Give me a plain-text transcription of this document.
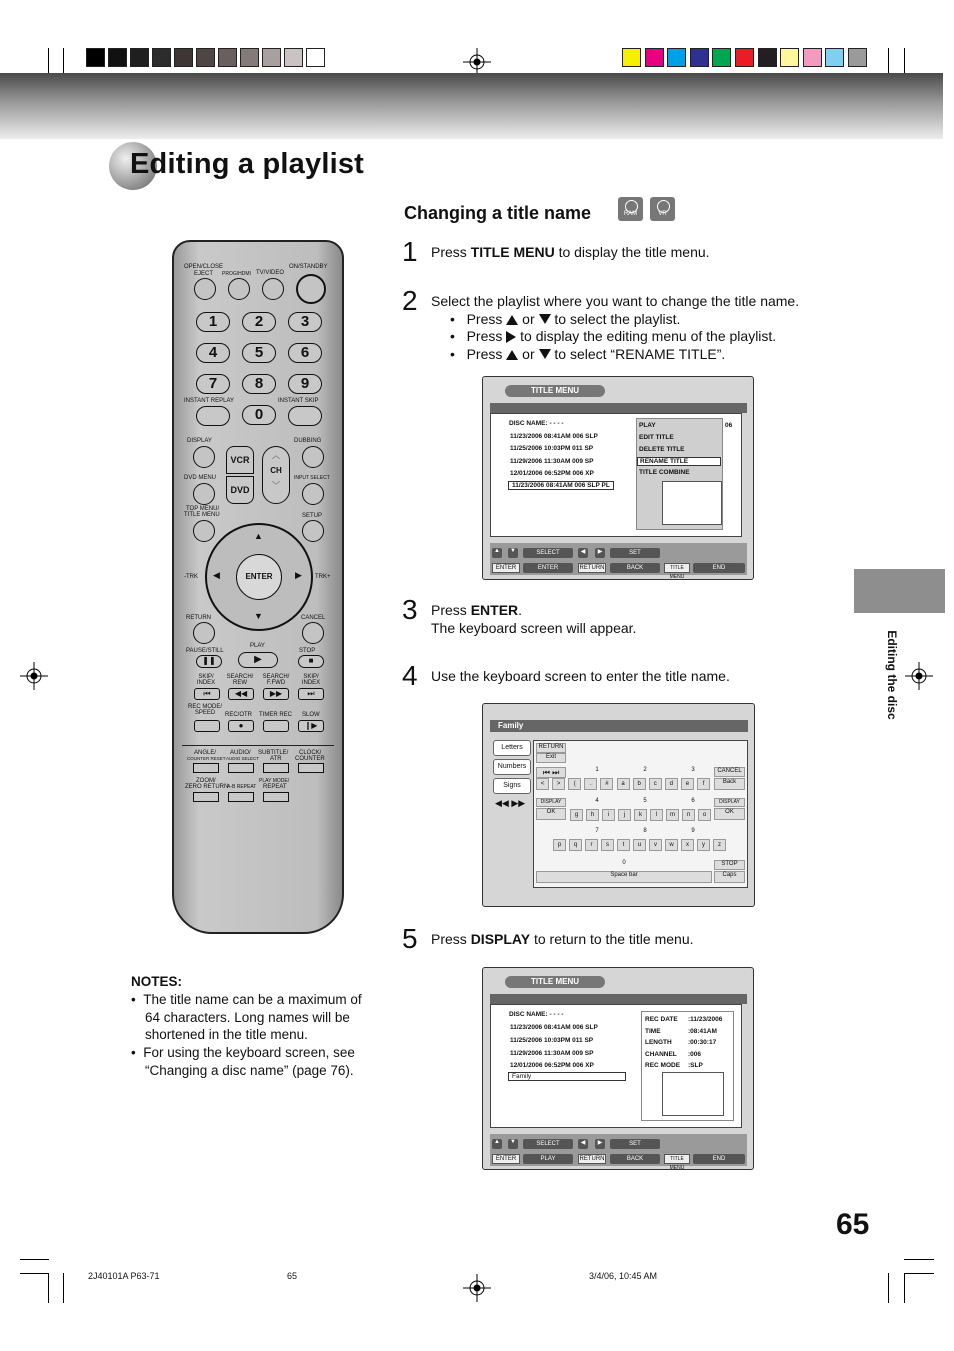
Editing a playlist
Changing a title name	RAM	VR
1 Press TITLE MENU to display the title menu.
2 Select the playlist where you want to change the title name.
•   Press  or  to select the playlist.
•   Press  to display the editing menu of the playlist.
•   Press  or  to select “RENAME TITLE”.
TITLE MENU
DISC NAME: - - - -
11/23/2006 08:41AM 006 SLP
11/25/2006 10:03PM 011 SP
11/29/2006 11:30AM 009 SP
12/01/2006 06:52PM 006 XP
11/23/2006 08:41AM 006 SLP PL
PLAY
EDIT TITLE
DELETE TITLE
RENAME TITLE
TITLE COMBINE
06
▲	▼	SELECT	◀	▶	SET
ENTER	ENTER	RETURN	BACK	TITLE MENU
END
3 Press ENTER.
The keyboard screen will appear.
4 Use the keyboard screen to enter the title name.
Family
Letters
Numbers
Signs
◀◀ ▶▶
RETURN
Exit
⏮ ⏭	CANCEL
Back
1	2	3
<	>	(	.	#	a	b	c	d	e	f
4	5	6
g	h	i	j	k	l	m	n	o
7	8	9
p	q	r	s	t	u	v	w	x	y	z
DISPLAY
OK
DISPLAY
OK
0
Space bar
STOP
Caps
5 Press DISPLAY to return to the title menu.
TITLE MENU
DISC NAME: - - - -
11/23/2006 08:41AM 006 SLP
11/25/2006 10:03PM 011 SP
11/29/2006 11:30AM 009 SP
12/01/2006 06:52PM 006 XP
Family
REC DATE :11/23/2006
TIME	:08:41AM
LENGTH	:00:30:17
CHANNEL :006
REC MODE :SLP
▲	▼	SELECT	◀	▶	SET
ENTER	PLAY	RETURN	BACK	TITLE MENU
END
OPEN/CLOSE
EJECT PROG/HDMI TV/VIDEO
ON/STANDBY
1	2	3
4	5	6
7	8	9
0
INSTANT REPLAY	INSTANT SKIP
DISPLAY	DUBBING
VCR
DVD
︿
CH
﹀
DVD MENU	INPUT SELECT
TOP MENU/
TITLE MENU	SETUP
▲
▼
◀	▶
ENTER
-TRK	TRK+
RETURN	CANCEL
PAUSE/STILL
PLAY
STOP
❚❚	▶	■
SKIP/ INDEX
SEARCH/ REW
SEARCH/ F.FWD
SKIP/ INDEX
⏮	◀◀	▶▶	⏭
REC MODE/ SPEED	REC/OTR TIMER REC SLOW
●	❙▶
ANGLE/
COUNTER RESET
AUDIO/
AUDIO SELECT
SUBTITLE/
ATR
CLOCK/
COUNTER
ZOOM/
ZERO RETURN
A-B REPEAT
PLAY MODE/
REPEAT
NOTES:
•  The title name can be a maximum of 64 characters. Long names will be shortened in the title menu.
•  For using the keyboard screen, see “Changing a disc name” (page 76).
Editing the disc
65
2J40101A P63-71	65	3/4/06, 10:45 AM
